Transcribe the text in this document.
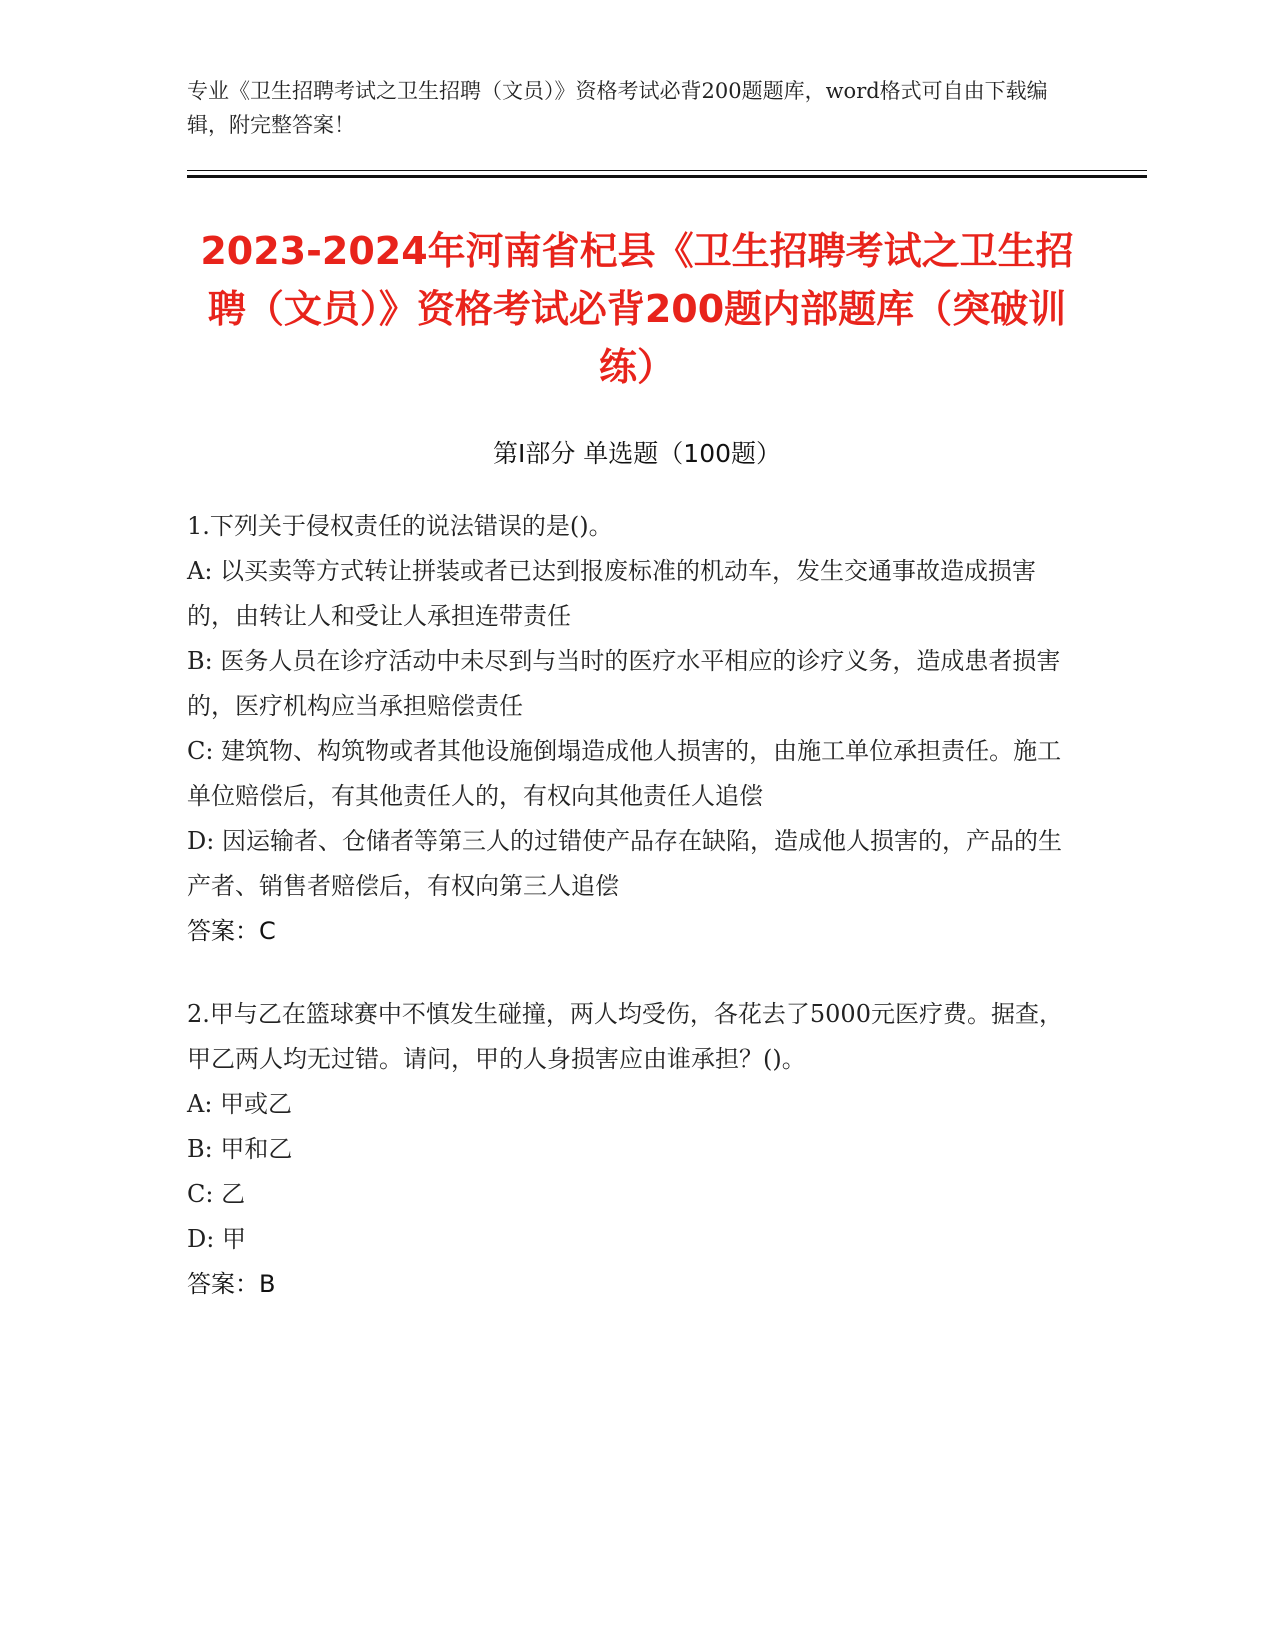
专业《卫生招聘考试之卫生招聘（文员）》资格考试必背200题题库，word格式可自由下载编辑，附完整答案！
2023-2024年河南省杞县《卫生招聘考试之卫生招聘（文员）》资格考试必背200题内部题库（突破训练）
第Ⅰ部分 单选题（100题）

1.下列关于侵权责任的说法错误的是()。

A: 以买卖等方式转让拼装或者已达到报废标准的机动车，发生交通事故造成损害的，由转让人和受让人承担连带责任

B: 医务人员在诊疗活动中未尽到与当时的医疗水平相应的诊疗义务，造成患者损害的，医疗机构应当承担赔偿责任

C: 建筑物、构筑物或者其他设施倒塌造成他人损害的，由施工单位承担责任。施工单位赔偿后，有其他责任人的，有权向其他责任人追偿

D: 因运输者、仓储者等第三人的过错使产品存在缺陷，造成他人损害的，产品的生产者、销售者赔偿后，有权向第三人追偿

答案：C

2.甲与乙在篮球赛中不慎发生碰撞，两人均受伤，各花去了5000元医疗费。据查，甲乙两人均无过错。请问，甲的人身损害应由谁承担？()。

A: 甲或乙

B: 甲和乙

C: 乙

D: 甲

答案：B
